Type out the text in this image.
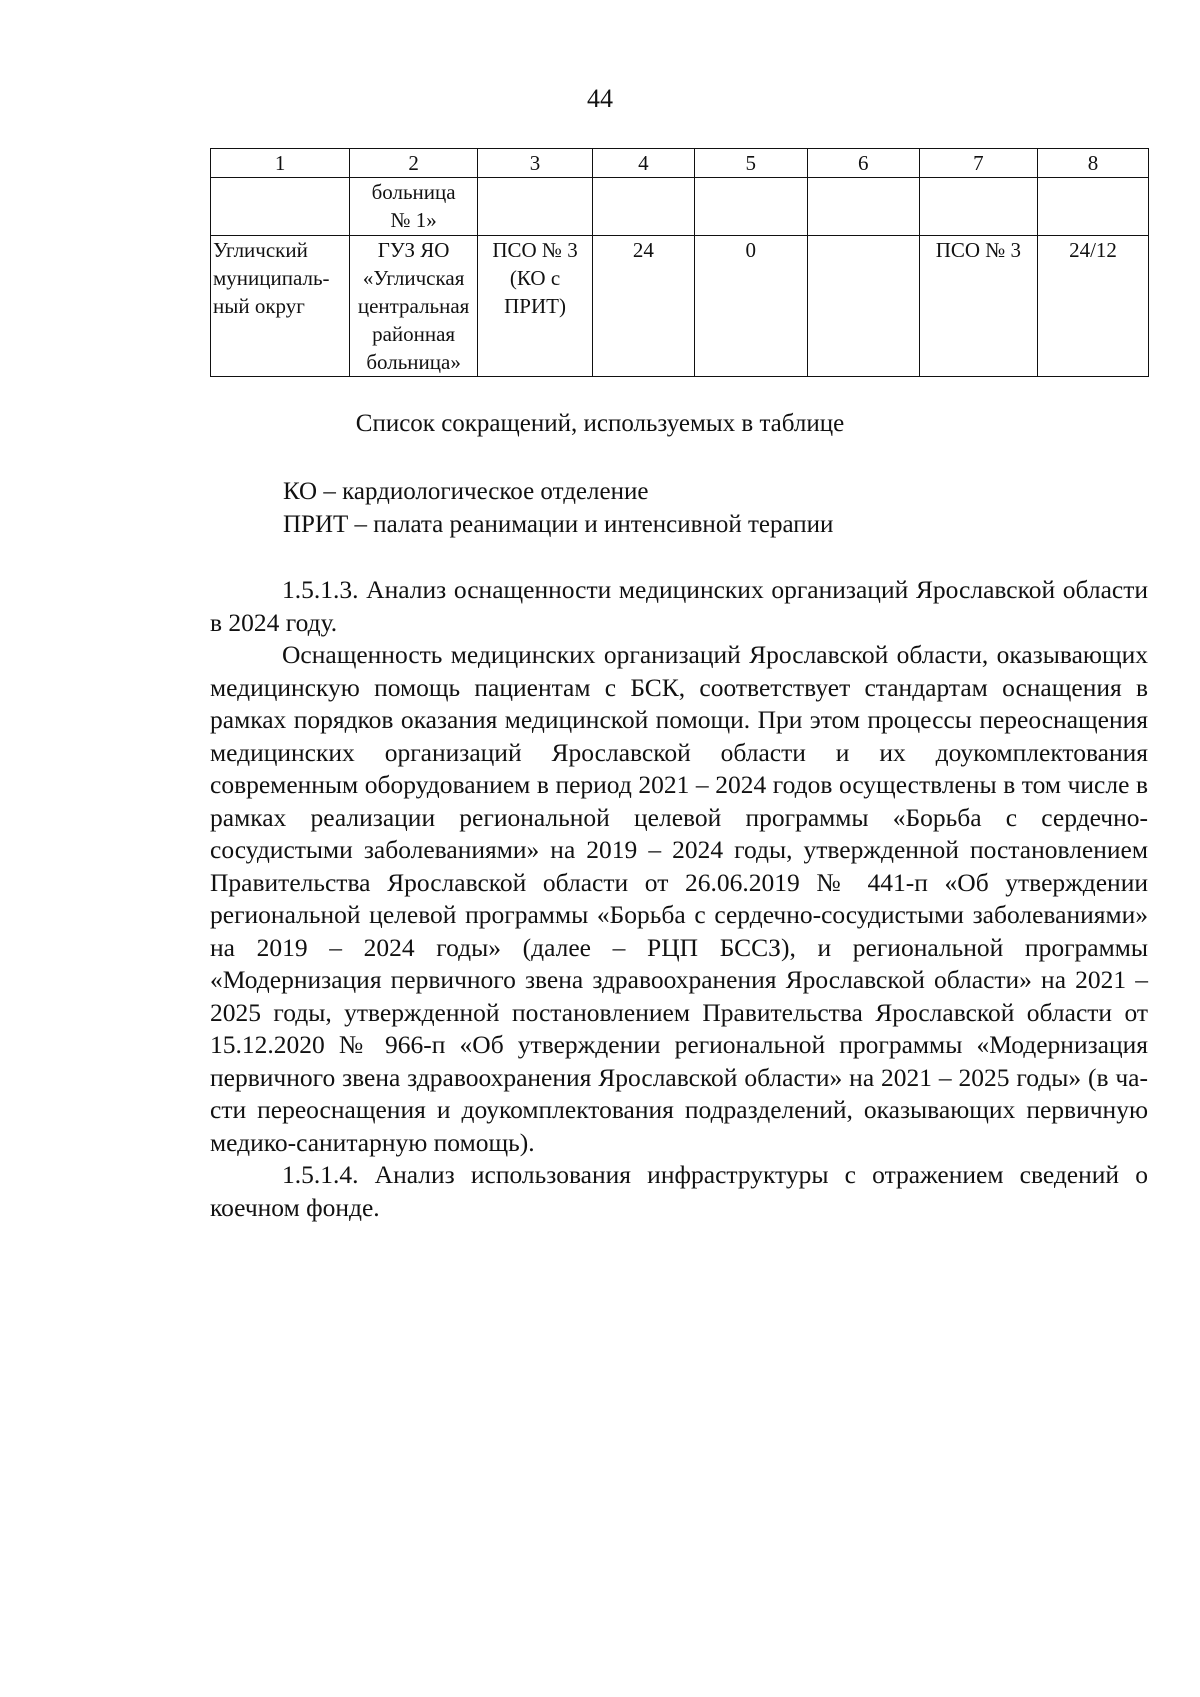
44
1	2	3	4	5	6	7	8
	больница
№ 1»						
Угличский
муниципаль-
ный округ	ГУЗ ЯО
«Угличская
центральная
районная
больница»	ПСО № 3
(КО с
ПРИТ)	24	0		ПСО № 3	24/12
Список сокращений, используемых в таблице
КО – кардиологическое отделение
ПРИТ – палата реанимации и интенсивной терапии

1.5.1.3. Анализ оснащенности медицинских организаций Ярославской области в 2024 году.

Оснащенность медицинских организаций Ярославской области, оказывающих медицинскую помощь пациентам с БСК, соответствует стандартам оснащения в рамках порядков оказания медицинской помощи. При этом процессы переоснащения медицинских организаций Ярославской области и их доукомплектования современным оборудованием в период 2021 – 2024 годов осуществлены в том числе в рамках реализации региональной целевой программы «Борьба с сердечно-сосудистыми заболеваниями» на 2019 – 2024 годы, утвержденной постановлением Правительства Ярославской области от 26.06.2019 № 441-п «Об утверждении региональной целевой программы «Борьба с сердечно-сосудистыми заболеваниями» на 2019 – 2024 годы» (далее – РЦП БССЗ), и региональной программы «Модернизация первичного звена здравоохранения Ярославской области» на 2021 – 2025 годы, утвержденной постановлением Правительства Ярославской области от 15.12.2020 № 966-п «Об утверждении региональной программы «Модернизация первичного звена здравоохранения Ярославской области» на 2021 – 2025 годы» (в части переоснащения и доукомплектования подразделений, оказывающих первичную медико-санитарную помощь).

1.5.1.4. Анализ использования инфраструктуры с отражением сведений о коечном фонде.
